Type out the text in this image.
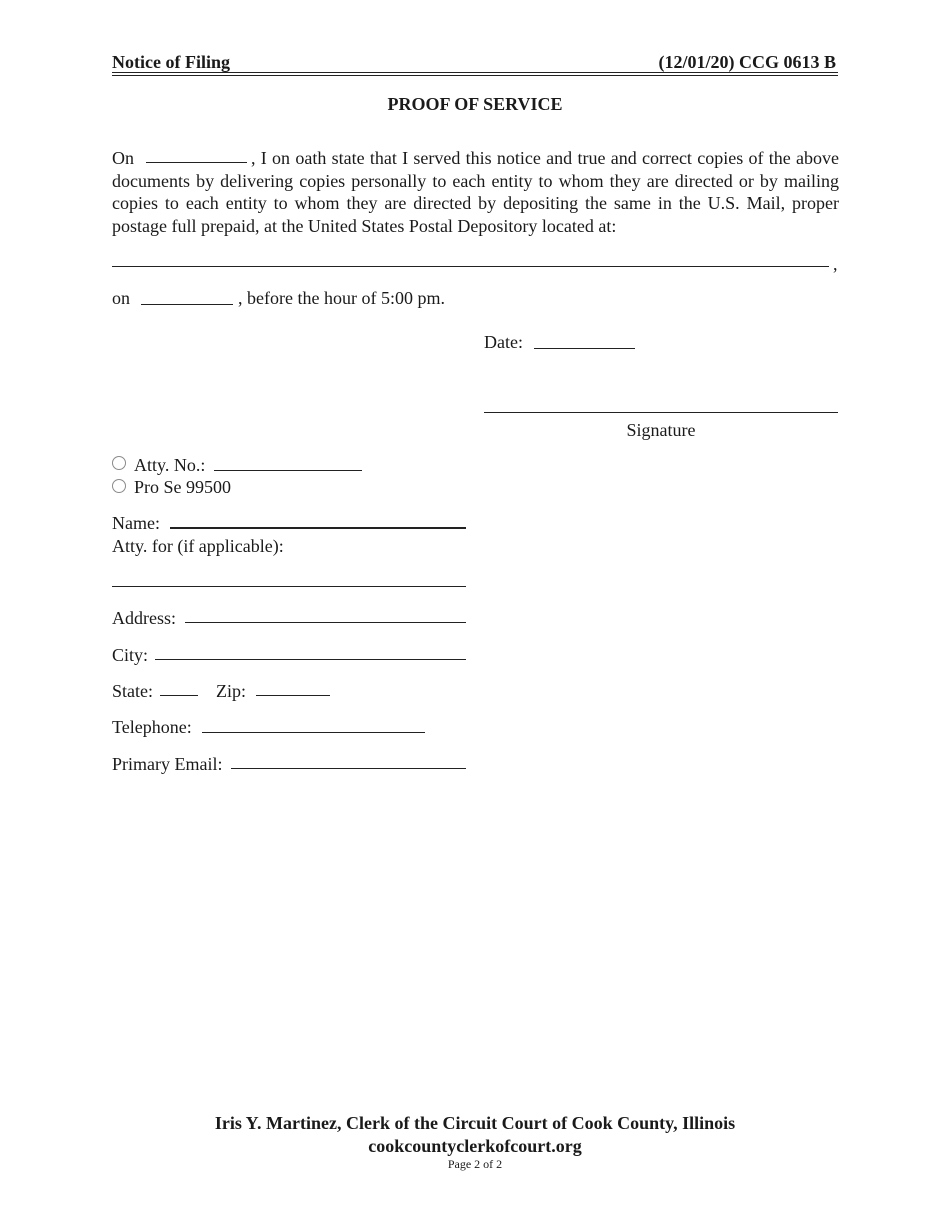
Notice of Filing	(12/01/20) CCG 0613 B
PROOF OF SERVICE
On	, I on oath state that I served this notice and true and correct copies of the above documents by delivering copies personally to each entity to whom they are directed or by mailing copies to each entity to whom they are directed by depositing the same in the U.S. Mail, proper postage full prepaid, at the United States Postal Depository located at:
,
on	, before the hour of 5:00 pm.
Date:
Signature
Atty. No.:
Pro Se 99500
Name:
Atty. for (if applicable):
Address:
City:
State:	Zip:
Telephone:
Primary Email:
Iris Y. Martinez, Clerk of the Circuit Court of Cook County, Illinois
cookcountyclerkofcourt.org
Page 2 of 2
